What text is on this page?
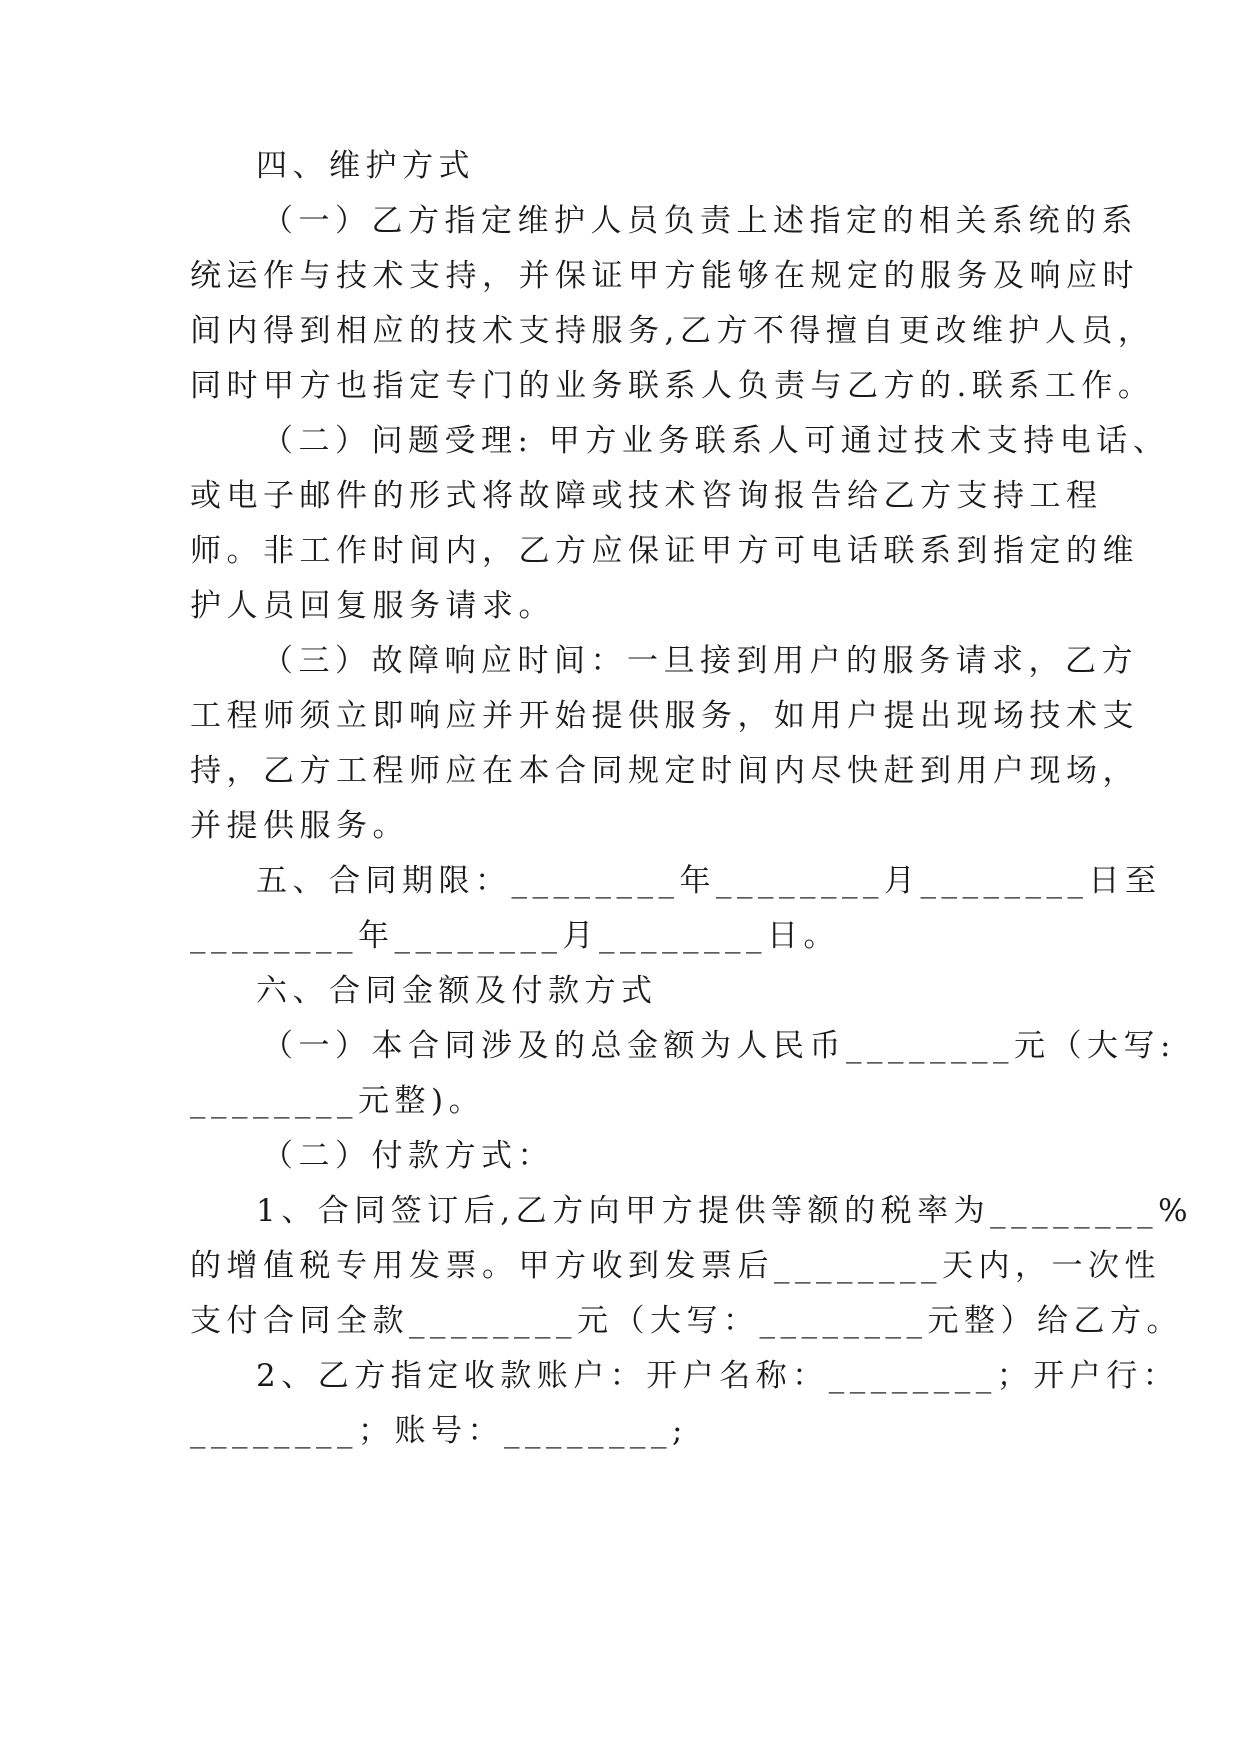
四、维护方式
（一）乙方指定维护人员负责上述指定的相关系统的系
统运作与技术支持，并保证甲方能够在规定的服务及响应时
间内得到相应的技术支持服务,乙方不得擅自更改维护人员，
同时甲方也指定专门的业务联系人负责与乙方的.联系工作。
（二）问题受理: 甲方业务联系人可通过技术支持电话、
或电子邮件的形式将故障或技术咨询报告给乙方支持工程
师。非工作时间内，乙方应保证甲方可电话联系到指定的维
护人员回复服务请求。
（三）故障响应时间：一旦接到用户的服务请求，乙方
工程师须立即响应并开始提供服务，如用户提出现场技术支
持，乙方工程师应在本合同规定时间内尽快赶到用户现场，
并提供服务。
五、合同期限：________年________月________日至
________年________月________日。
六、合同金额及付款方式
（一）本合同涉及的总金额为人民币________元（大写:
________元整)。
（二）付款方式：
1、合同签订后,乙方向甲方提供等额的税率为________%
的增值税专用发票。甲方收到发票后________天内，一次性
支付合同全款________元（大写：________元整）给乙方。
2、乙方指定收款账户：开户名称：________；开户行：
________；账号：________;
